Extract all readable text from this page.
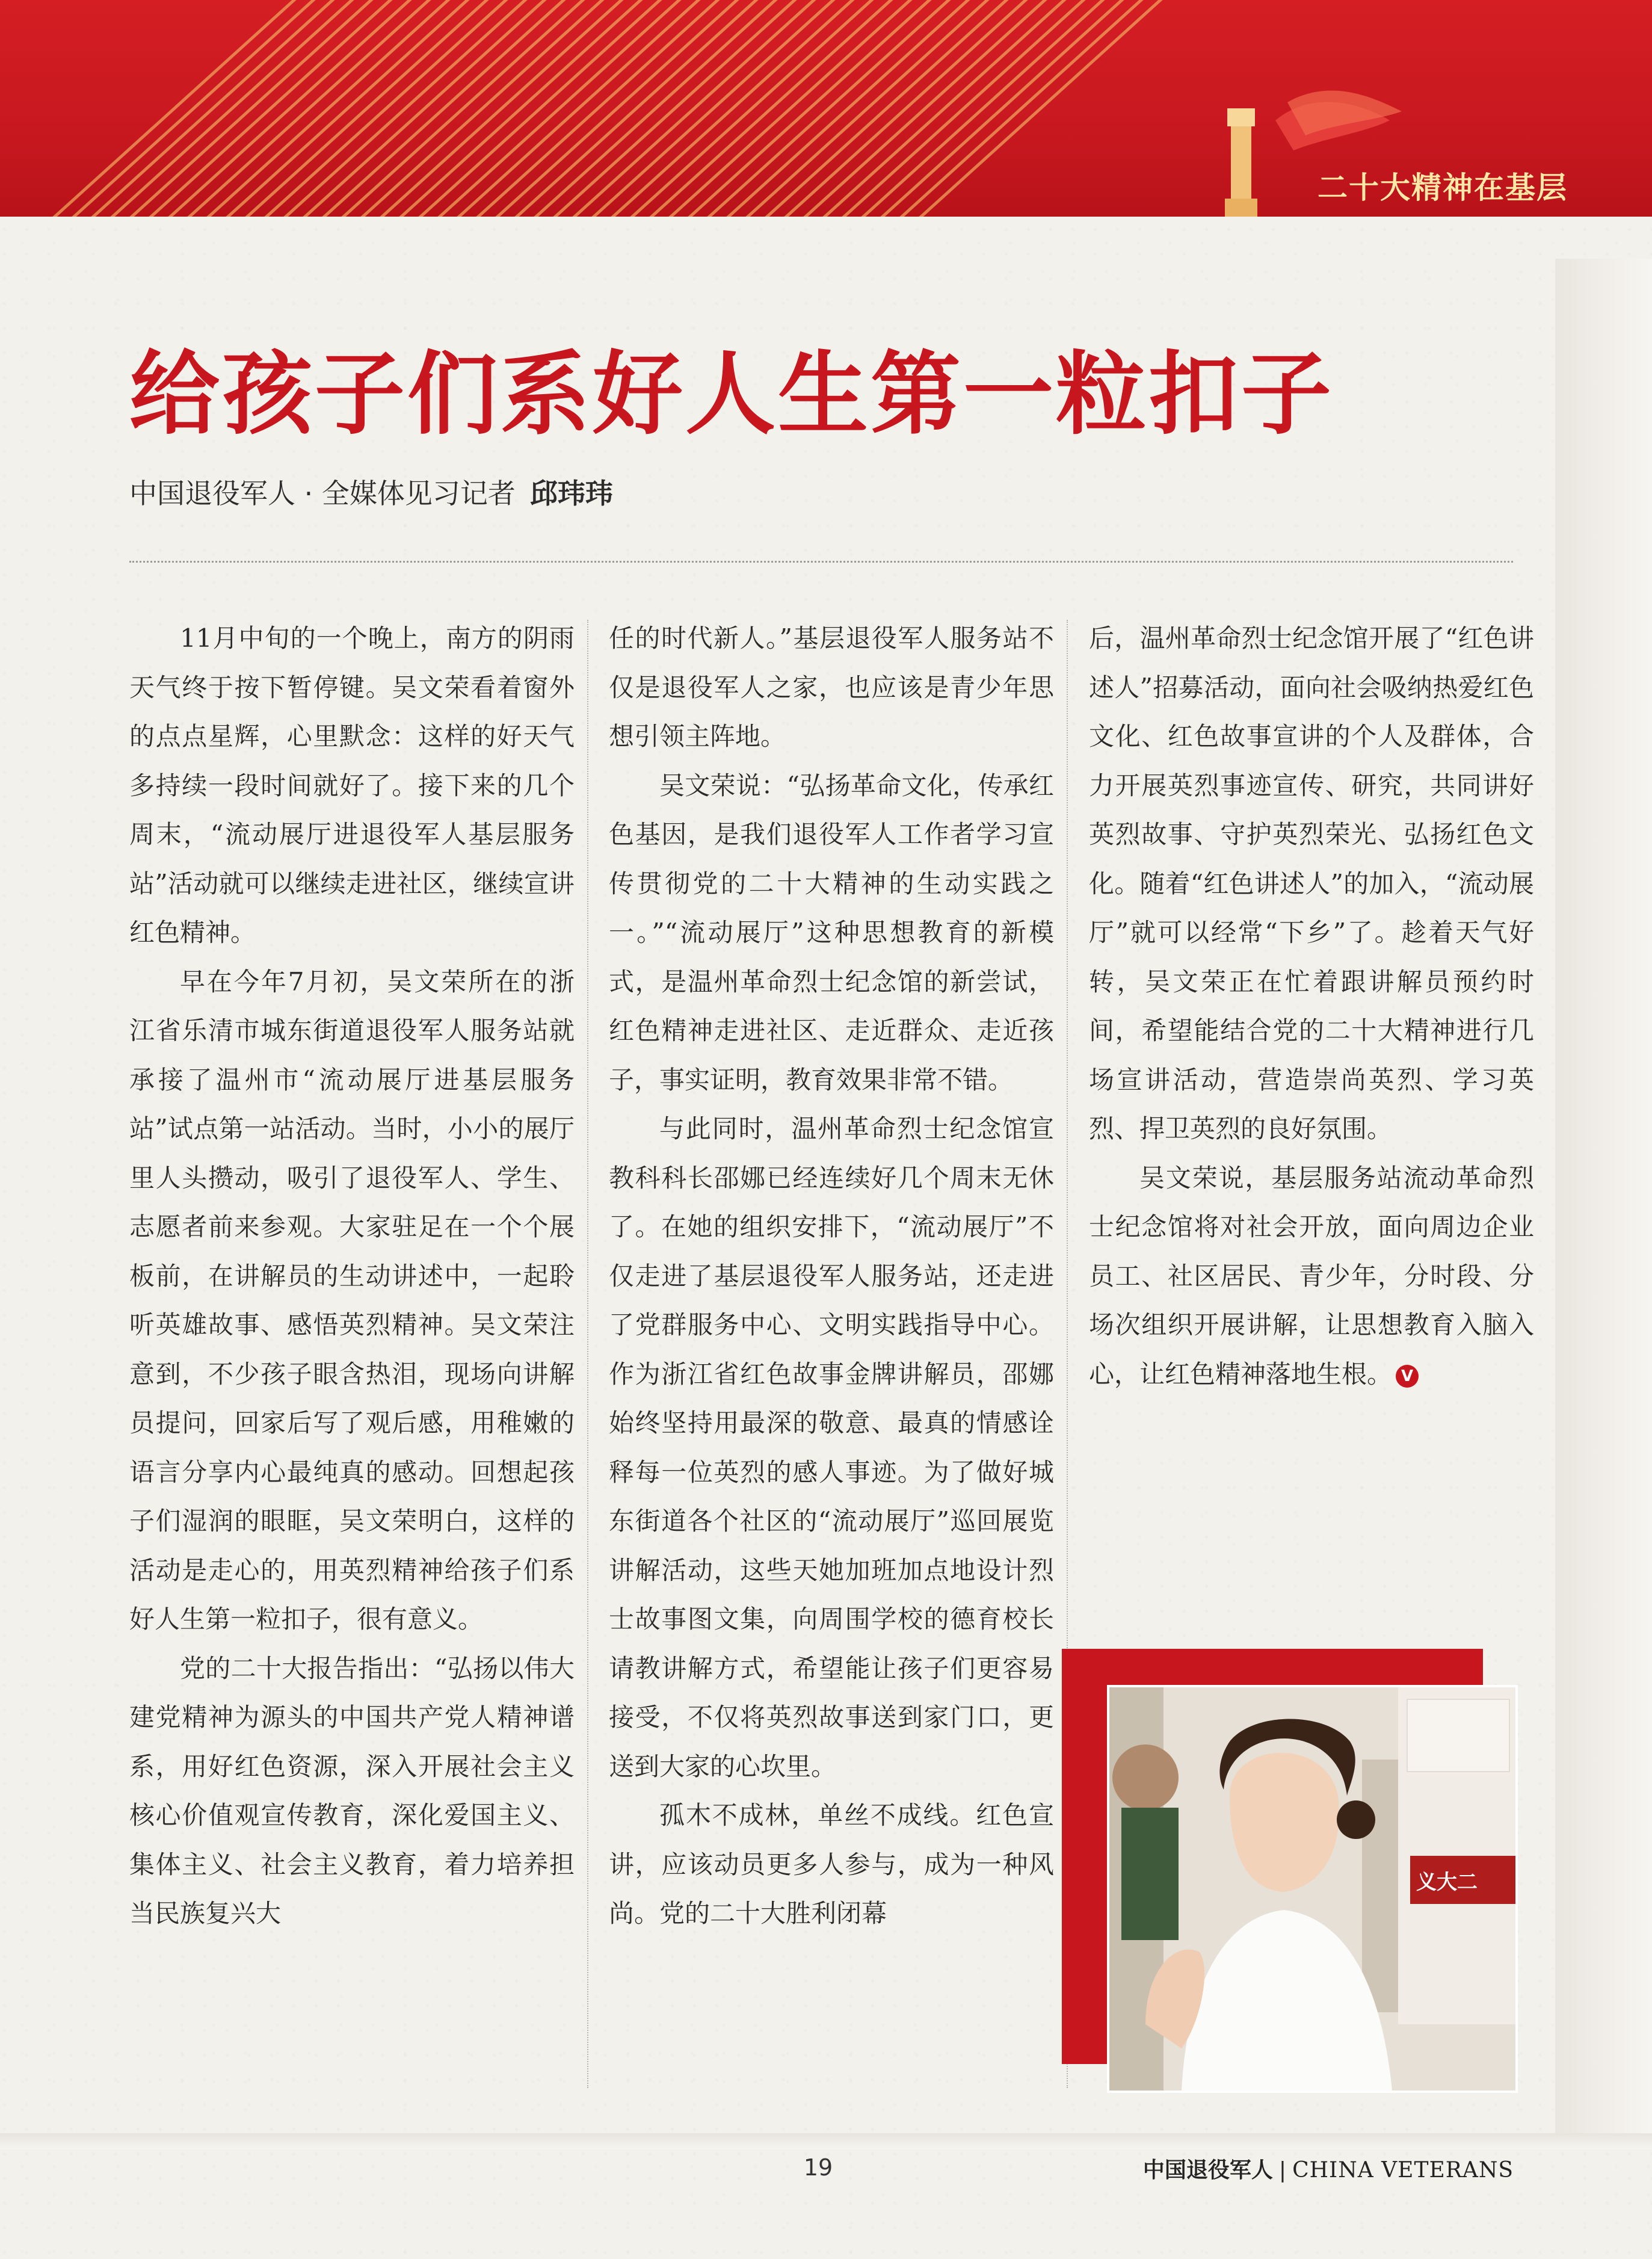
二十大精神在基层
给孩子们系好人生第一粒扣子
中国退役军人 · 全媒体见习记者 邱玮玮

11月中旬的一个晚上，南方的阴雨天气终于按下暂停键。吴文荣看着窗外的点点星辉，心里默念：这样的好天气多持续一段时间就好了。接下来的几个周末，“流动展厅进退役军人基层服务站”活动就可以继续走进社区，继续宣讲红色精神。

早在今年7月初，吴文荣所在的浙江省乐清市城东街道退役军人服务站就承接了温州市“流动展厅进基层服务站”试点第一站活动。当时，小小的展厅里人头攒动，吸引了退役军人、学生、志愿者前来参观。大家驻足在一个个展板前，在讲解员的生动讲述中，一起聆听英雄故事、感悟英烈精神。吴文荣注意到，不少孩子眼含热泪，现场向讲解员提问，回家后写了观后感，用稚嫩的语言分享内心最纯真的感动。回想起孩子们湿润的眼眶，吴文荣明白，这样的活动是走心的，用英烈精神给孩子们系好人生第一粒扣子，很有意义。

党的二十大报告指出：“弘扬以伟大建党精神为源头的中国共产党人精神谱系，用好红色资源，深入开展社会主义核心价值观宣传教育，深化爱国主义、集体主义、社会主义教育，着力培养担当民族复兴大

任的时代新人。”基层退役军人服务站不仅是退役军人之家，也应该是青少年思想引领主阵地。

吴文荣说：“弘扬革命文化，传承红色基因，是我们退役军人工作者学习宣传贯彻党的二十大精神的生动实践之一。”“流动展厅”这种思想教育的新模式，是温州革命烈士纪念馆的新尝试，红色精神走进社区、走近群众、走近孩子，事实证明，教育效果非常不错。

与此同时，温州革命烈士纪念馆宣教科科长邵娜已经连续好几个周末无休了。在她的组织安排下，“流动展厅”不仅走进了基层退役军人服务站，还走进了党群服务中心、文明实践指导中心。作为浙江省红色故事金牌讲解员，邵娜始终坚持用最深的敬意、最真的情感诠释每一位英烈的感人事迹。为了做好城东街道各个社区的“流动展厅”巡回展览讲解活动，这些天她加班加点地设计烈士故事图文集，向周围学校的德育校长请教讲解方式，希望能让孩子们更容易接受，不仅将英烈故事送到家门口，更送到大家的心坎里。

孤木不成林，单丝不成线。红色宣讲，应该动员更多人参与，成为一种风尚。党的二十大胜利闭幕

后，温州革命烈士纪念馆开展了“红色讲述人”招募活动，面向社会吸纳热爱红色文化、红色故事宣讲的个人及群体，合力开展英烈事迹宣传、研究，共同讲好英烈故事、守护英烈荣光、弘扬红色文化。随着“红色讲述人”的加入，“流动展厅”就可以经常“下乡”了。趁着天气好转，吴文荣正在忙着跟讲解员预约时间，希望能结合党的二十大精神进行几场宣讲活动，营造崇尚英烈、学习英烈、捍卫英烈的良好氛围。

吴文荣说，基层服务站流动革命烈士纪念馆将对社会开放，面向周边企业员工、社区居民、青少年，分时段、分场次组织开展讲解，让思想教育入脑入心，让红色精神落地生根。 V

义大二
19	中国退役军人 | CHINA VETERANS
